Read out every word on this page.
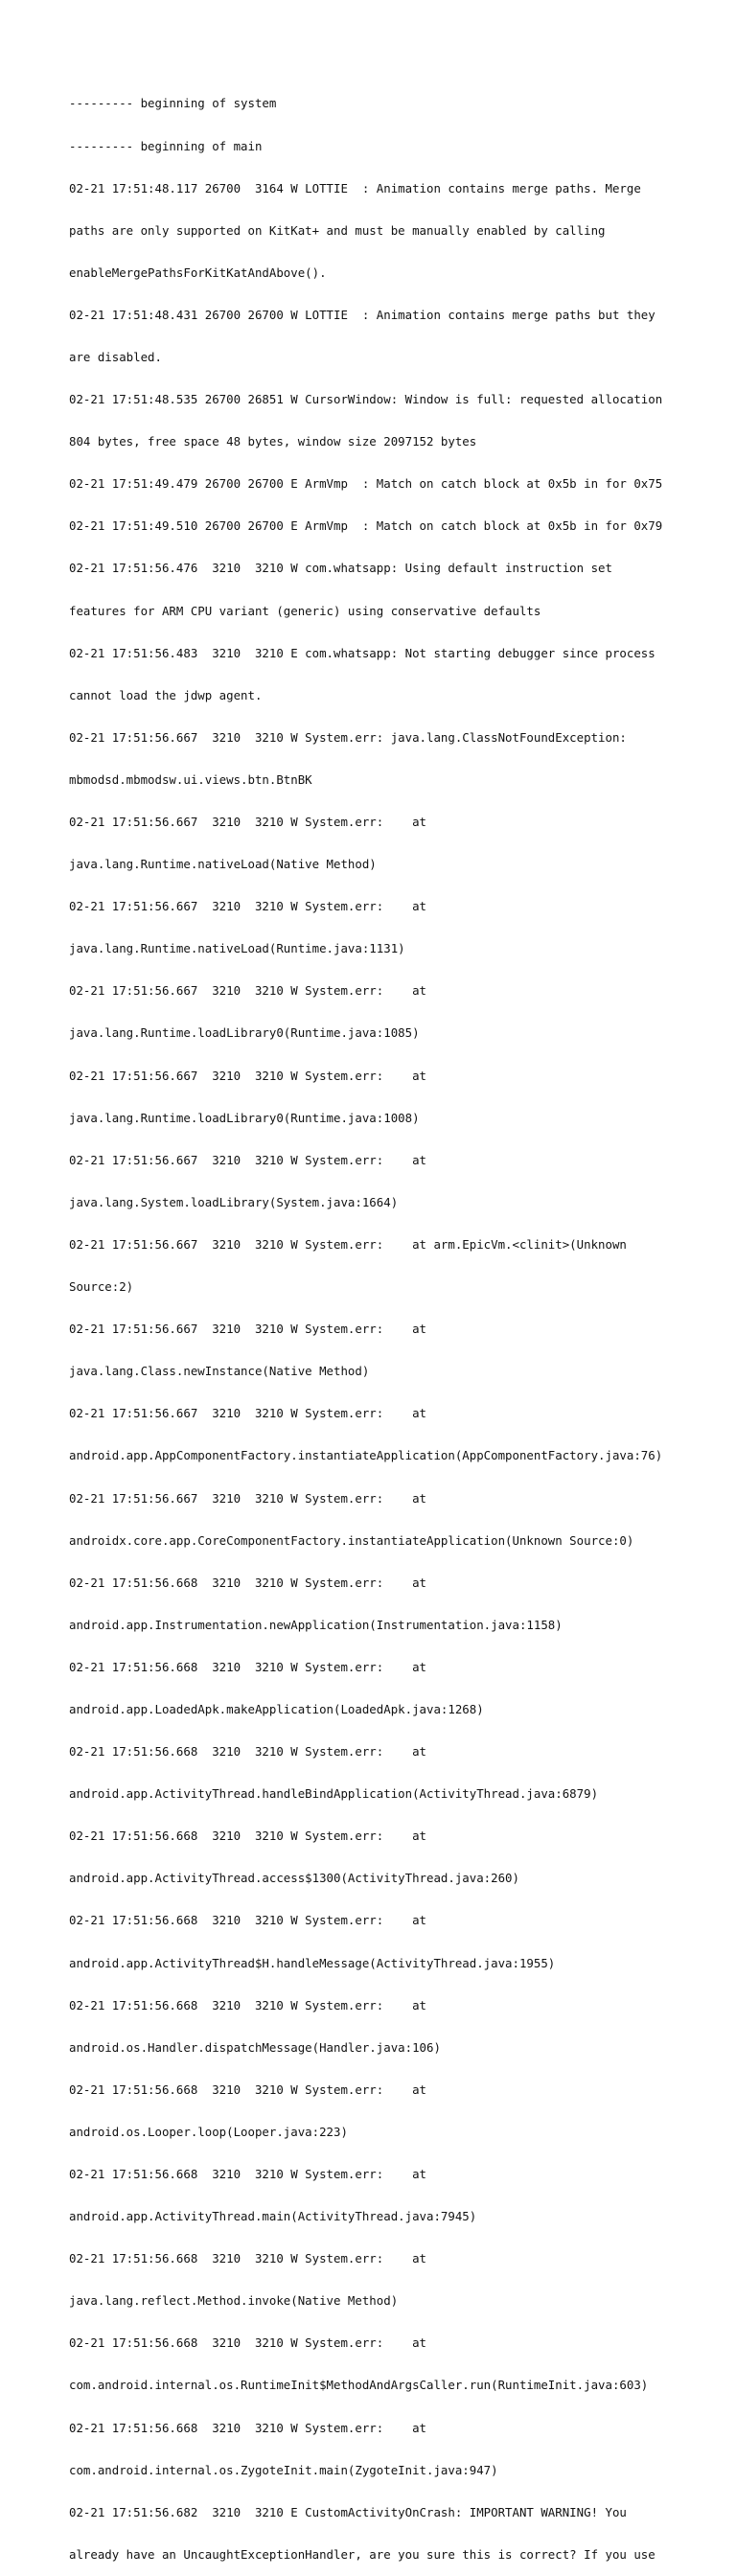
--------- beginning of system

--------- beginning of main

02-21 17:51:48.117 26700  3164 W LOTTIE  : Animation contains merge paths. Merge

paths are only supported on KitKat+ and must be manually enabled by calling

enableMergePathsForKitKatAndAbove().

02-21 17:51:48.431 26700 26700 W LOTTIE  : Animation contains merge paths but they

are disabled.

02-21 17:51:48.535 26700 26851 W CursorWindow: Window is full: requested allocation

804 bytes, free space 48 bytes, window size 2097152 bytes

02-21 17:51:49.479 26700 26700 E ArmVmp  : Match on catch block at 0x5b in for 0x75

02-21 17:51:49.510 26700 26700 E ArmVmp  : Match on catch block at 0x5b in for 0x79

02-21 17:51:56.476  3210  3210 W com.whatsapp: Using default instruction set

features for ARM CPU variant (generic) using conservative defaults

02-21 17:51:56.483  3210  3210 E com.whatsapp: Not starting debugger since process

cannot load the jdwp agent.

02-21 17:51:56.667  3210  3210 W System.err: java.lang.ClassNotFoundException:

mbmodsd.mbmodsw.ui.views.btn.BtnBK

02-21 17:51:56.667  3210  3210 W System.err:    at

java.lang.Runtime.nativeLoad(Native Method)

02-21 17:51:56.667  3210  3210 W System.err:    at

java.lang.Runtime.nativeLoad(Runtime.java:1131)

02-21 17:51:56.667  3210  3210 W System.err:    at

java.lang.Runtime.loadLibrary0(Runtime.java:1085)

02-21 17:51:56.667  3210  3210 W System.err:    at

java.lang.Runtime.loadLibrary0(Runtime.java:1008)

02-21 17:51:56.667  3210  3210 W System.err:    at

java.lang.System.loadLibrary(System.java:1664)

02-21 17:51:56.667  3210  3210 W System.err:    at arm.EpicVm.<clinit>(Unknown

Source:2)

02-21 17:51:56.667  3210  3210 W System.err:    at

java.lang.Class.newInstance(Native Method)

02-21 17:51:56.667  3210  3210 W System.err:    at

android.app.AppComponentFactory.instantiateApplication(AppComponentFactory.java:76)

02-21 17:51:56.667  3210  3210 W System.err:    at

androidx.core.app.CoreComponentFactory.instantiateApplication(Unknown Source:0)

02-21 17:51:56.668  3210  3210 W System.err:    at

android.app.Instrumentation.newApplication(Instrumentation.java:1158)

02-21 17:51:56.668  3210  3210 W System.err:    at

android.app.LoadedApk.makeApplication(LoadedApk.java:1268)

02-21 17:51:56.668  3210  3210 W System.err:    at

android.app.ActivityThread.handleBindApplication(ActivityThread.java:6879)

02-21 17:51:56.668  3210  3210 W System.err:    at

android.app.ActivityThread.access$1300(ActivityThread.java:260)

02-21 17:51:56.668  3210  3210 W System.err:    at

android.app.ActivityThread$H.handleMessage(ActivityThread.java:1955)

02-21 17:51:56.668  3210  3210 W System.err:    at

android.os.Handler.dispatchMessage(Handler.java:106)

02-21 17:51:56.668  3210  3210 W System.err:    at

android.os.Looper.loop(Looper.java:223)

02-21 17:51:56.668  3210  3210 W System.err:    at

android.app.ActivityThread.main(ActivityThread.java:7945)

02-21 17:51:56.668  3210  3210 W System.err:    at

java.lang.reflect.Method.invoke(Native Method)

02-21 17:51:56.668  3210  3210 W System.err:    at

com.android.internal.os.RuntimeInit$MethodAndArgsCaller.run(RuntimeInit.java:603)

02-21 17:51:56.668  3210  3210 W System.err:    at

com.android.internal.os.ZygoteInit.main(ZygoteInit.java:947)

02-21 17:51:56.682  3210  3210 E CustomActivityOnCrash: IMPORTANT WARNING! You

already have an UncaughtExceptionHandler, are you sure this is correct? If you use
